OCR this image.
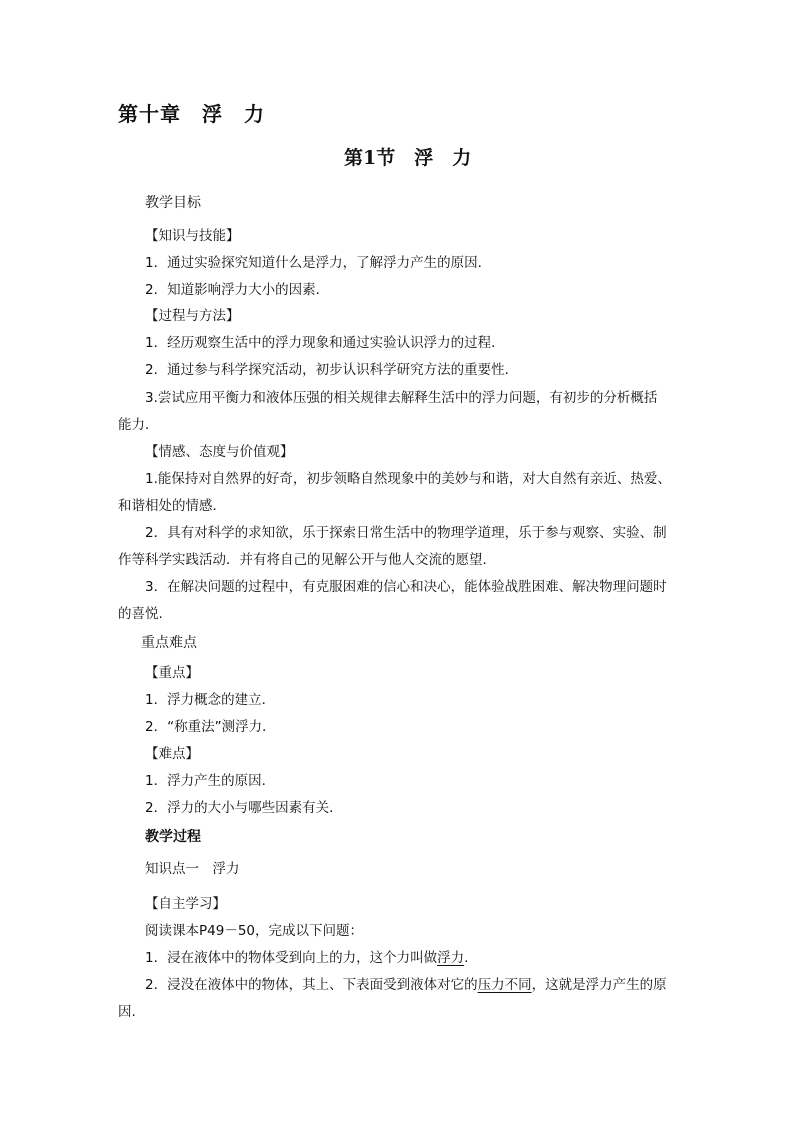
第十章　浮　力
第1节　浮　力
教学目标
【知识与技能】
1．通过实验探究知道什么是浮力，了解浮力产生的原因．
2．知道影响浮力大小的因素．
【过程与方法】
1．经历观察生活中的浮力现象和通过实验认识浮力的过程．
2．通过参与科学探究活动，初步认识科学研究方法的重要性．
3.尝试应用平衡力和液体压强的相关规律去解释生活中的浮力问题，有初步的分析概括
能力．
【情感、态度与价值观】
1.能保持对自然界的好奇，初步领略自然现象中的美妙与和谐，对大自然有亲近、热爱、
和谐相处的情感．
2．具有对科学的求知欲，乐于探索日常生活中的物理学道理，乐于参与观察、实验、制
作等科学实践活动．并有将自己的见解公开与他人交流的愿望．
3．在解决问题的过程中，有克服困难的信心和决心，能体验战胜困难、解决物理问题时
的喜悦.
重点难点
【重点】
1．浮力概念的建立．
2．“称重法”测浮力．
【难点】
1．浮力产生的原因．
2．浮力的大小与哪些因素有关．
教学过程
知识点一　浮力
【自主学习】
阅读课本P49－50，完成以下问题：
1．浸在液体中的物体受到向上的力，这个力叫做浮力.
2．浸没在液体中的物体，其上、下表面受到液体对它的压力不同，这就是浮力产生的原
因.
